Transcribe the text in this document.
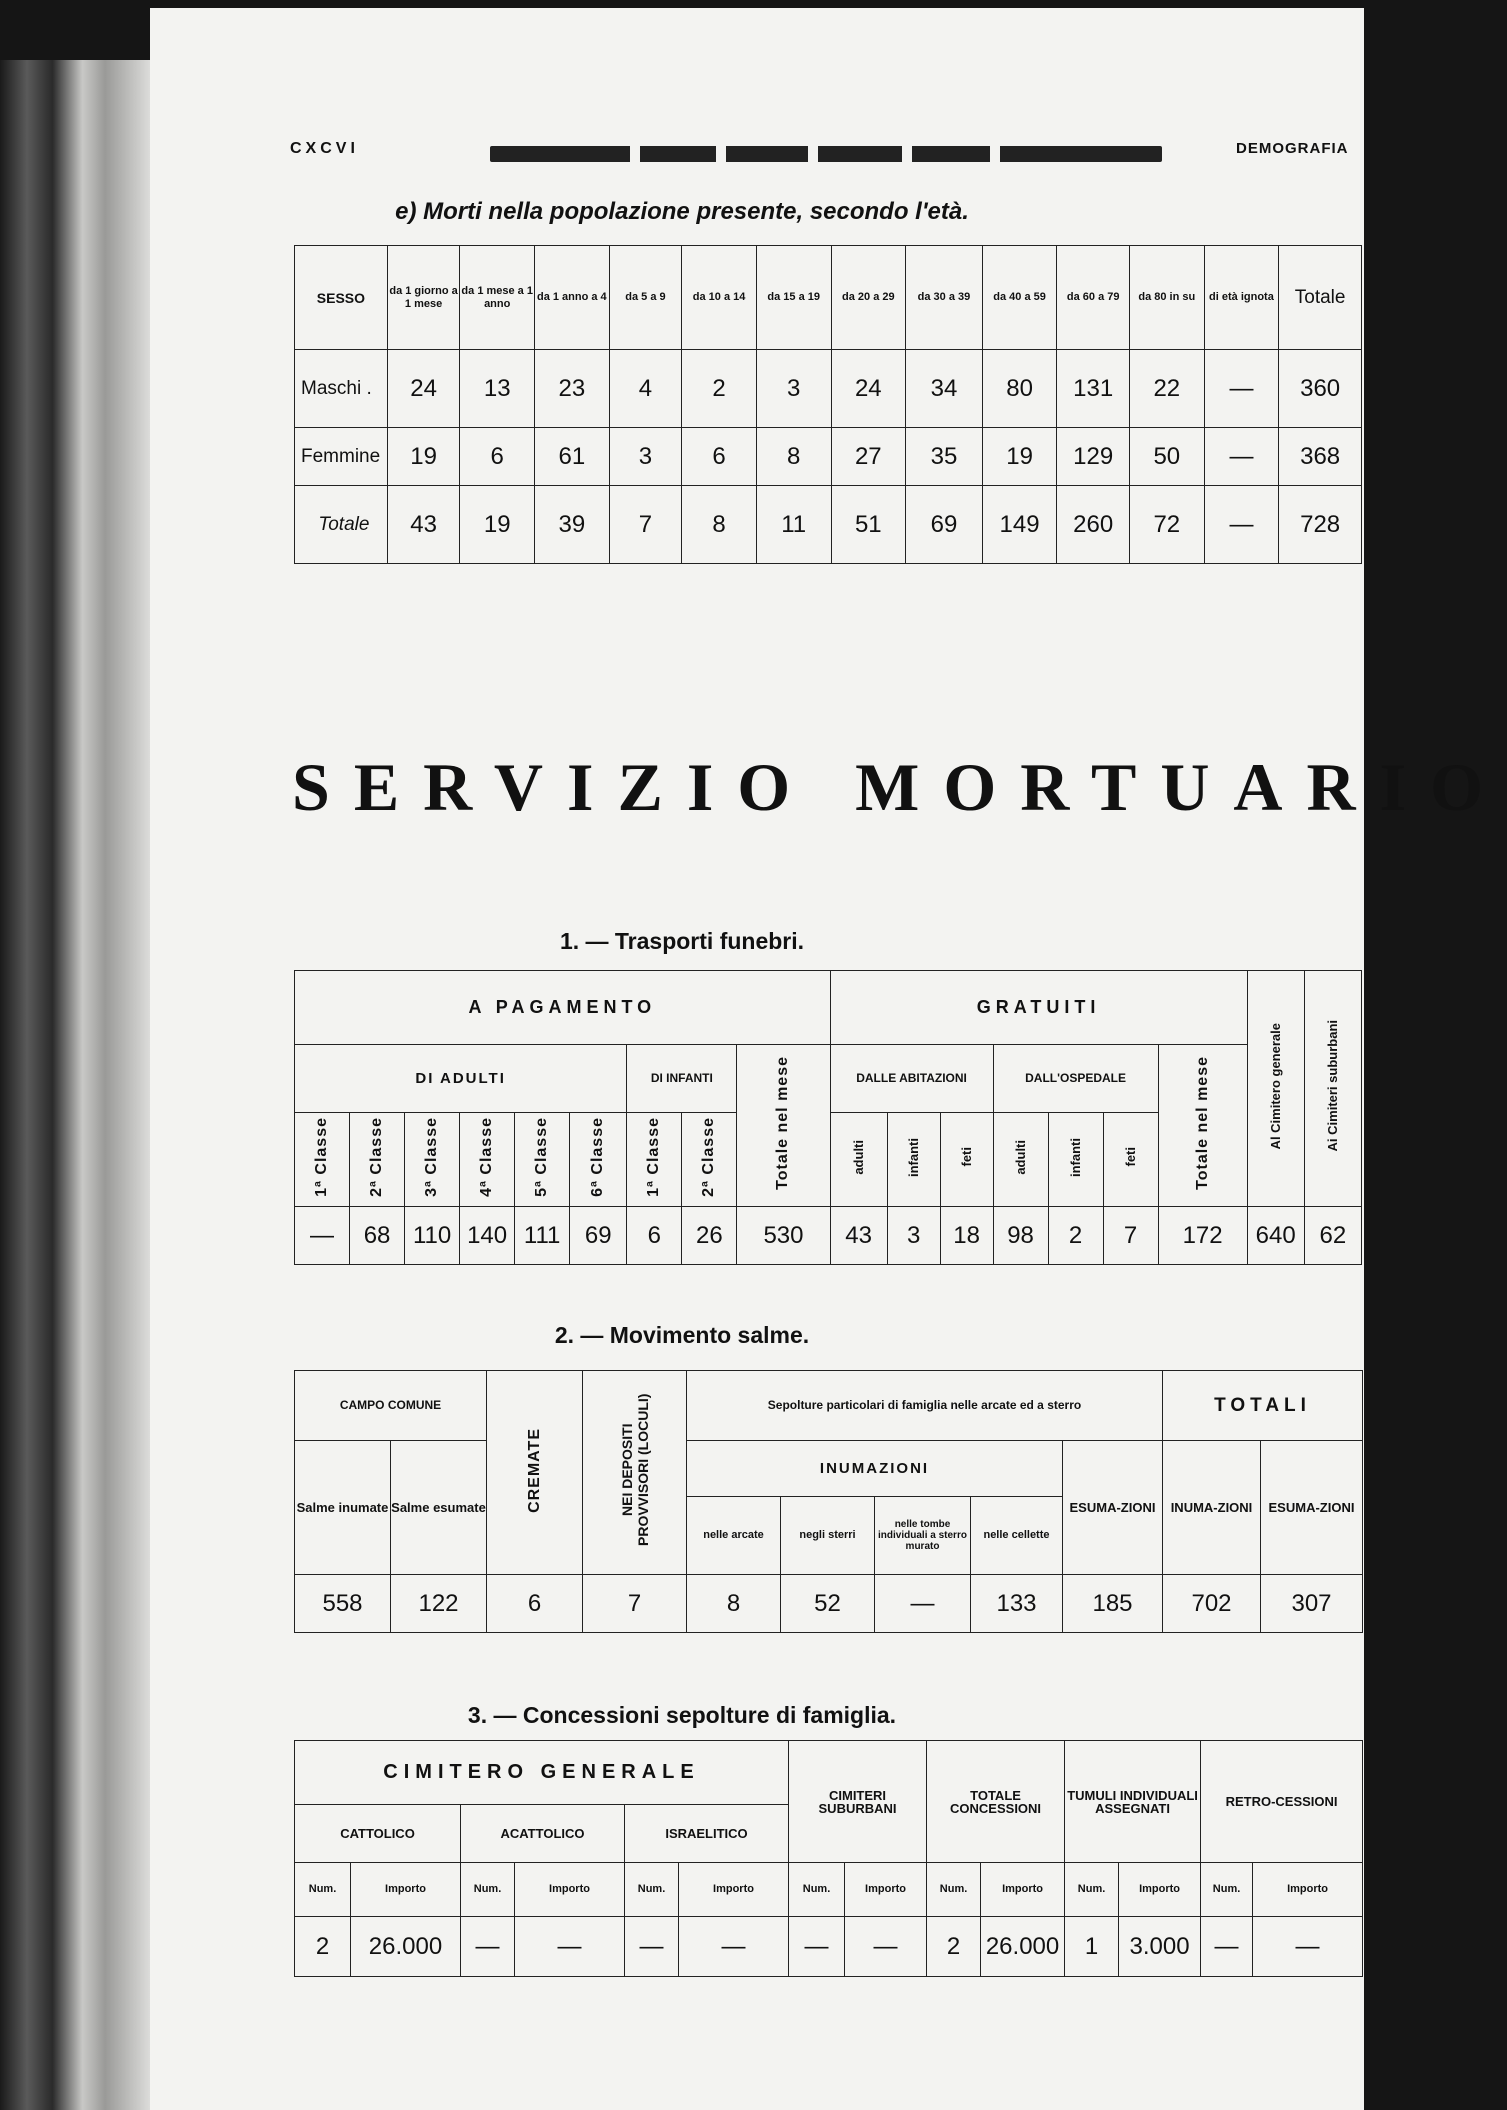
CXCVI	DEMOGRAFIA
e) Morti nella popolazione presente, secondo l'età.
SESSO	da 1 giorno a 1 mese	da 1 mese a 1 anno	da 1 anno a 4	da 5 a 9	da 10 a 14	da 15 a 19	da 20 a 29	da 30 a 39	da 40 a 59	da 60 a 79	da 80 in su	di età ignota	Totale
Maschi .	24	13	23	4	2	3	24	34	80	131	22	—	360
Femmine	19	6	61	3	6	8	27	35	19	129	50	—	368
Totale	43	19	39	7	8	11	51	69	149	260	72	—	728
SERVIZIO MORTUARIO
1. — Trasporti funebri.
A PAGAMENTO									GRATUITI							Al Cimitero generale	Ai Cimiteri suburbani
DI ADULTI						DI INFANTI		Totale nel mese	DALLE ABITAZIONI			DALL'OSPEDALE			Totale nel mese		
1ª Classe	2ª Classe	3ª Classe	4ª Classe	5ª Classe	6ª Classe	1ª Classe	2ª Classe		adulti	infanti	feti	adulti	infanti	feti			
—	68	110	140	111	69	6	26	530	43	3	18	98	2	7	172	640	62
2. — Movimento salme.
CAMPO COMUNE		CREMATE	NEI DEPOSITI PROVVISORI (LOCULI)	Sepolture particolari di famiglia nelle arcate ed a sterro					TOTALI	
Salme inumate	Salme esumate			INUMAZIONI				ESUMA-ZIONI	INUMA-ZIONI	ESUMA-ZIONI
				nelle arcate	negli sterri	nelle tombe individuali a sterro murato	nelle cellette			
558	122	6	7	8	52	—	133	185	702	307
3. — Concessioni sepolture di famiglia.
CIMITERO GENERALE						CIMITERI SUBURBANI		TOTALE CONCESSIONI		TUMULI INDIVIDUALI ASSEGNATI		RETRO-CESSIONI	
CATTOLICO		ACATTOLICO		ISRAELITICO									
Num.	Importo	Num.	Importo	Num.	Importo	Num.	Importo	Num.	Importo	Num.	Importo	Num.	Importo
2	26.000	—	—	—	—	—	—	2	26.000	1	3.000	—	—
